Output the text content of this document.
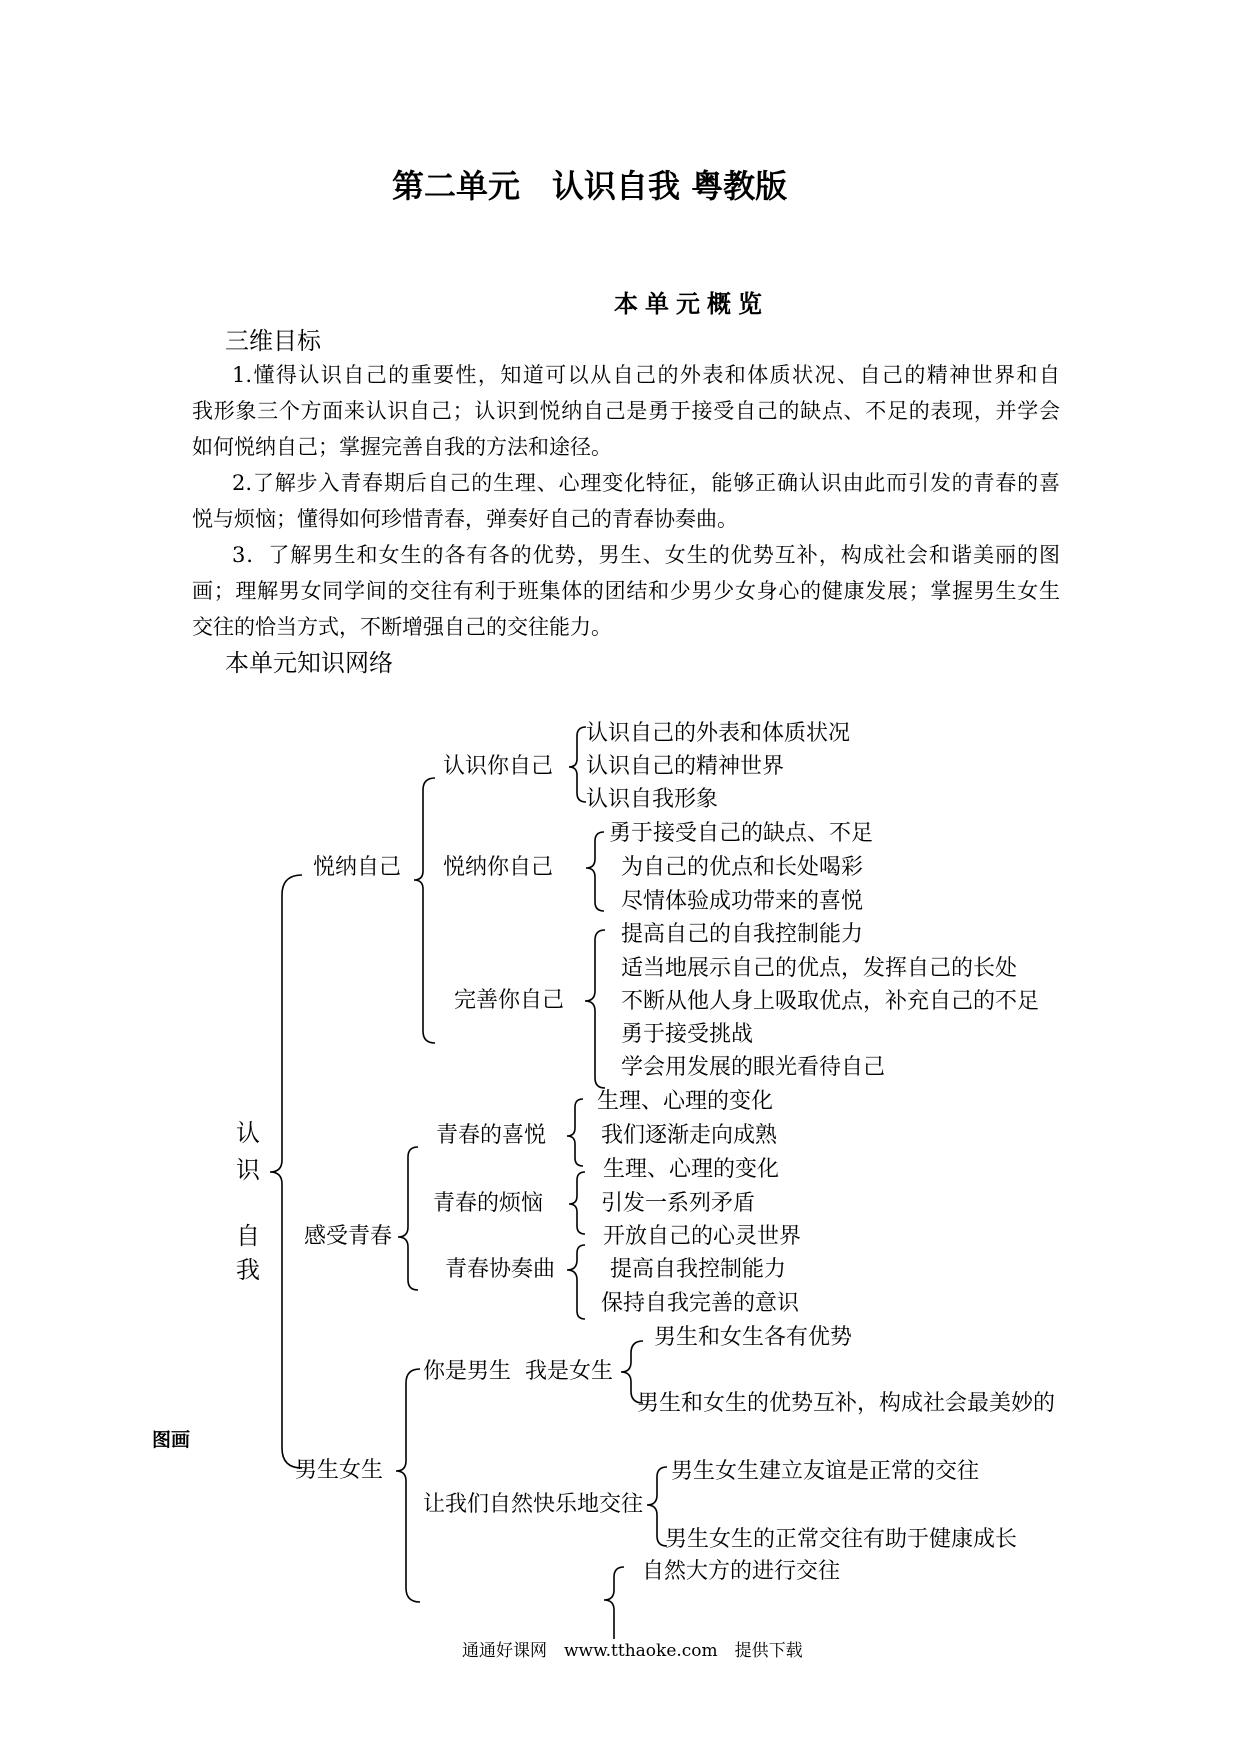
第二单元　认识自我 粤教版
本单元概览
三维目标
1.懂得认识自己的重要性，知道可以从自己的外表和体质状况、自己的精神世界和自
我形象三个方面来认识自己；认识到悦纳自己是勇于接受自己的缺点、不足的表现，并学会
如何悦纳自己；掌握完善自我的方法和途径。
2.了解步入青春期后自己的生理、心理变化特征，能够正确认识由此而引发的青春的喜
悦与烦恼；懂得如何珍惜青春，弹奏好自己的青春协奏曲。
3．了解男生和女生的各有各的优势，男生、女生的优势互补，构成社会和谐美丽的图
画；理解男女同学间的交往有利于班集体的团结和少男少女身心的健康发展；掌握男生女生
交往的恰当方式，不断增强自己的交往能力。
本单元知识网络
认
识
自
我
悦纳自己
认识你自己
认识自己的外表和体质状况
认识自己的精神世界
认识自我形象
悦纳你自己
勇于接受自己的缺点、不足
为自己的优点和长处喝彩
尽情体验成功带来的喜悦
完善你自己
提高自己的自我控制能力
适当地展示自己的优点，发挥自己的长处
不断从他人身上吸取优点，补充自己的不足
勇于接受挑战
学会用发展的眼光看待自己
感受青春
青春的喜悦
生理、心理的变化
我们逐渐走向成熟
青春的烦恼
生理、心理的变化
引发一系列矛盾
青春协奏曲
开放自己的心灵世界
提高自我控制能力
保持自我完善的意识
男生女生
你是男生  我是女生
男生和女生各有优势
男生和女生的优势互补，构成社会最美妙的
图画
让我们自然快乐地交往
男生女生建立友谊是正常的交往
男生女生的正常交往有助于健康成长
自然大方的进行交往
通通好课网　www.tthaoke.com　提供下载
